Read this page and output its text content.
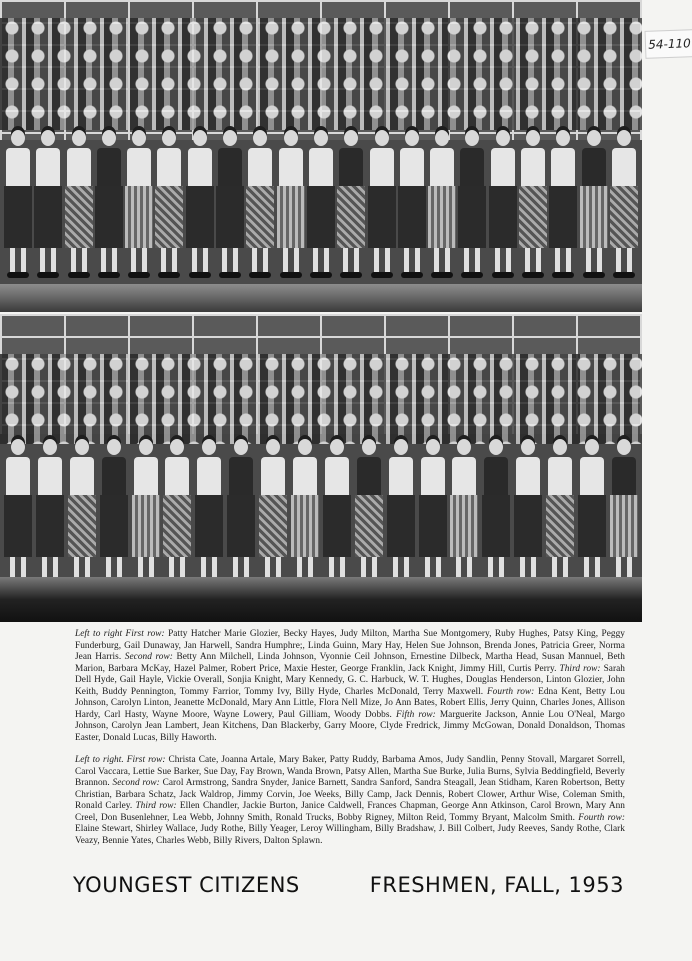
54-110
Left to right First row: Patty Hatcher Marie Glozier, Becky Hayes, Judy Milton, Martha Sue Montgomery, Ruby Hughes, Patsy King, Peggy Funderburg, Gail Dunaway, Jan Harwell, Sandra Humphre;, Linda Guinn, Mary Hay, Helen Sue Johnson, Brenda Jones, Patricia Greer, Norma Jean Harris. Second row: Betty Ann Milchell, Linda Johnson, Vyonnie Ceil Johnson, Ernestine Dilbeck, Martha Head, Susan Mannuel, Beth Marion, Barbara McKay, Hazel Palmer, Robert Price, Maxie Hester, George Franklin, Jack Knight, Jimmy Hill, Curtis Perry. Third row: Sarah Dell Hyde, Gail Hayle, Vickie Overall, Sonjia Knight, Mary Kennedy, G. C. Harbuck, W. T. Hughes, Douglas Henderson, Linton Glozier, John Keith, Buddy Pennington, Tommy Farrior, Tommy Ivy, Billy Hyde, Charles McDonald, Terry Maxwell. Fourth row: Edna Kent, Betty Lou Johnson, Carolyn Linton, Jeanette McDonald, Mary Ann Little, Flora Nell Mize, Jo Ann Bates, Robert Ellis, Jerry Quinn, Charles Jones, Allison Hardy, Carl Hasty, Wayne Moore, Wayne Lowery, Paul Gilliam, Woody Dobbs. Fifth row: Marguerite Jackson, Annie Lou O'Neal, Margo Johnson, Carolyn Jean Lambert, Jean Kitchens, Dan Blackerby, Garry Moore, Clyde Fredrick, Jimmy McGowan, Donald Donaldson, Thomas Easter, Donald Lucas, Billy Haworth.
Left to right. First row: Christa Cate, Joanna Artale, Mary Baker, Patty Ruddy, Barbama Amos, Judy Sandlin, Penny Stovall, Margaret Sorrell, Carol Vaccara, Lettie Sue Barker, Sue Day, Fay Brown, Wanda Brown, Patsy Allen, Martha Sue Burke, Julia Burns, Sylvia Beddingfield, Beverly Brannon. Second row: Carol Armstrong, Sandra Snyder, Janice Barnett, Sandra Sanford, Sandra Steagall, Jean Stidham, Karen Robertson, Betty Christian, Barbara Schatz, Jack Waldrop, Jimmy Corvin, Joe Weeks, Billy Camp, Jack Dennis, Robert Clower, Arthur Wise, Coleman Smith, Ronald Carley. Third row: Ellen Chandler, Jackie Burton, Janice Caldwell, Frances Chapman, George Ann Atkinson, Carol Brown, Mary Ann Creel, Don Busenlehner, Lea Webb, Johnny Smith, Ronald Trucks, Bobby Rigney, Milton Reid, Tommy Bryant, Malcolm Smith. Fourth row: Elaine Stewart, Shirley Wallace, Judy Rothe, Billy Yeager, Leroy Willingham, Billy Bradshaw, J. Bill Colbert, Judy Reeves, Sandy Rothe, Clark Veazy, Bennie Yates, Charles Webb, Billy Rivers, Dalton Splawn.
YOUNGEST CITIZENS	FRESHMEN, FALL, 1953
